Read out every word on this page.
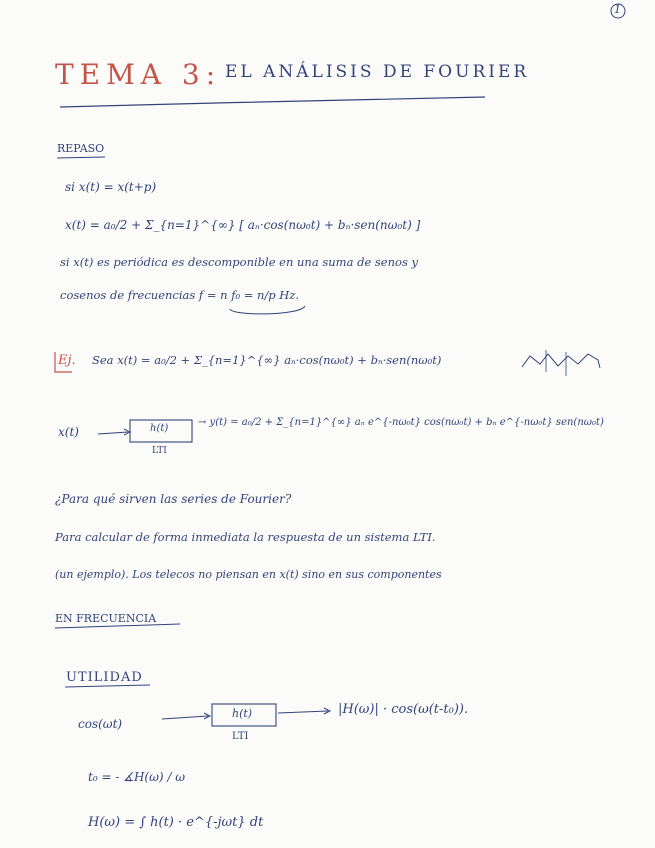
1
TEMA 3: EL ANÁLISIS DE FOURIER
REPASO
si x(t) = x(t+p)
x(t) = a₀/2 + Σ_{n=1}^{∞} [ aₙ·cos(nω₀t) + bₙ·sen(nω₀t) ]
si x(t) es periódica es descomponible en una suma de senos y
cosenos de frecuencias f = n f₀ = n/p Hz.
Ej. Sea x(t) = a₀/2 + Σ_{n=1}^{∞} aₙ·cos(nω₀t) + bₙ·sen(nω₀t)
x(t)	h(t)
LTI
→ y(t) = a₀/2 + Σ_{n=1}^{∞} aₙ e^{-nω₀t} cos(nω₀t) + bₙ e^{-nω₀t} sen(nω₀t)
¿Para qué sirven las series de Fourier?
Para calcular de forma inmediata la respuesta de un sistema LTI.
(un ejemplo). Los telecos no piensan en x(t) sino en sus componentes
EN FRECUENCIA
UTILIDAD
cos(ωt)
h(t)
LTI
|H(ω)| · cos(ω(t-t₀)).
t₀ = - ∡H(ω) / ω
H(ω) = ∫ h(t) · e^{-jωt} dt
